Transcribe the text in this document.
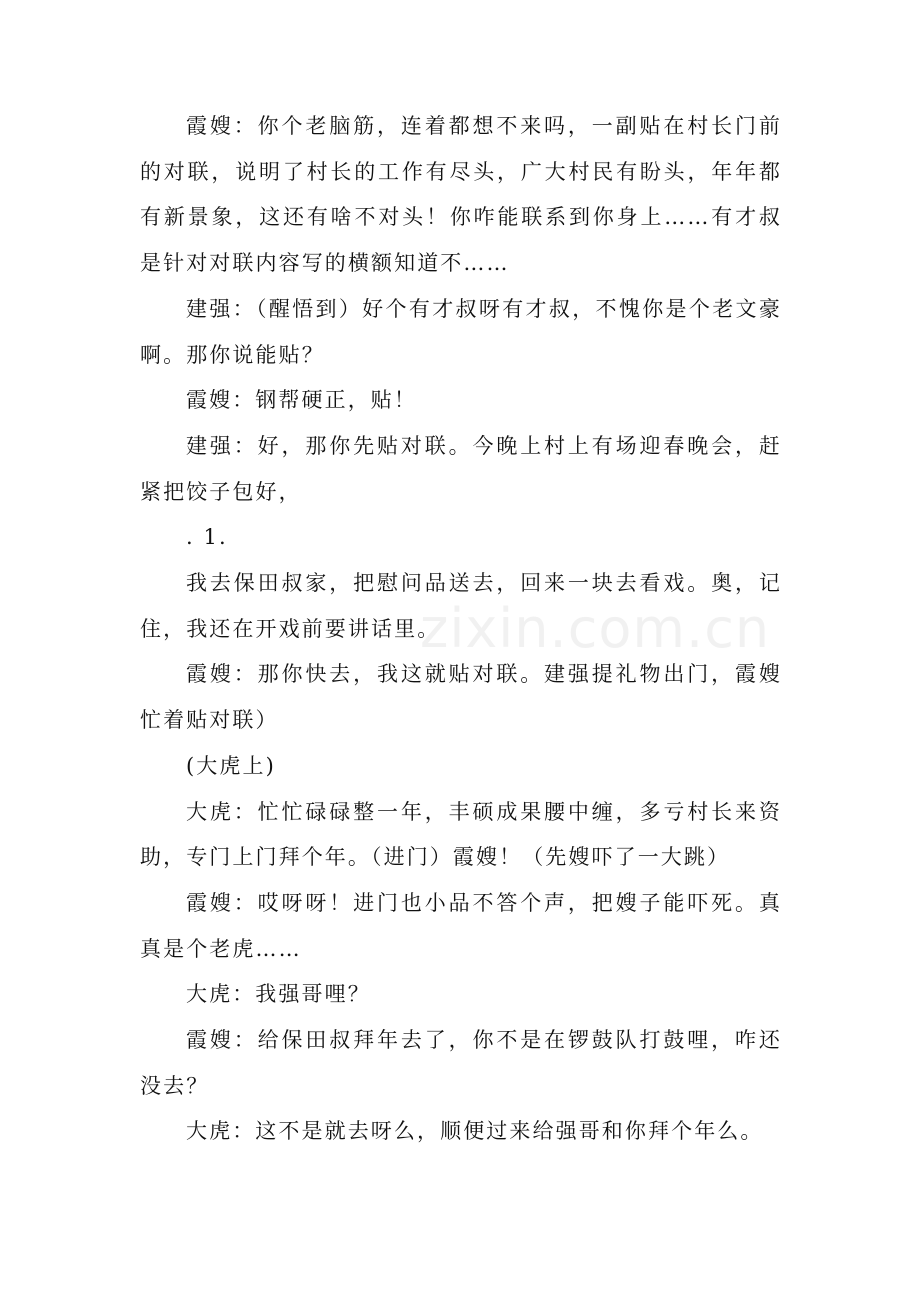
霞嫂：你个老脑筋，连着都想不来吗，一副贴在村长门前的对联，说明了村长的工作有尽头，广大村民有盼头，年年都有新景象，这还有啥不对头！你咋能联系到你身上……有才叔是针对对联内容写的横额知道不……

建强：（醒悟到）好个有才叔呀有才叔，不愧你是个老文豪啊。那你说能贴？

霞嫂：钢帮硬正，贴！

建强：好，那你先贴对联。今晚上村上有场迎春晚会，赶紧把饺子包好，

. 1.

我去保田叔家，把慰问品送去，回来一块去看戏。奥，记住，我还在开戏前要讲话里。

霞嫂：那你快去，我这就贴对联。建强提礼物出门，霞嫂忙着贴对联）

(大虎上)

大虎：忙忙碌碌整一年，丰硕成果腰中缠，多亏村长来资助，专门上门拜个年。（进门）霞嫂！（先嫂吓了一大跳）

霞嫂：哎呀呀！进门也小品不答个声，把嫂子能吓死。真真是个老虎……

大虎：我强哥哩？

霞嫂：给保田叔拜年去了，你不是在锣鼓队打鼓哩，咋还没去？

大虎：这不是就去呀么，顺便过来给强哥和你拜个年么。

zixin.com.cn
